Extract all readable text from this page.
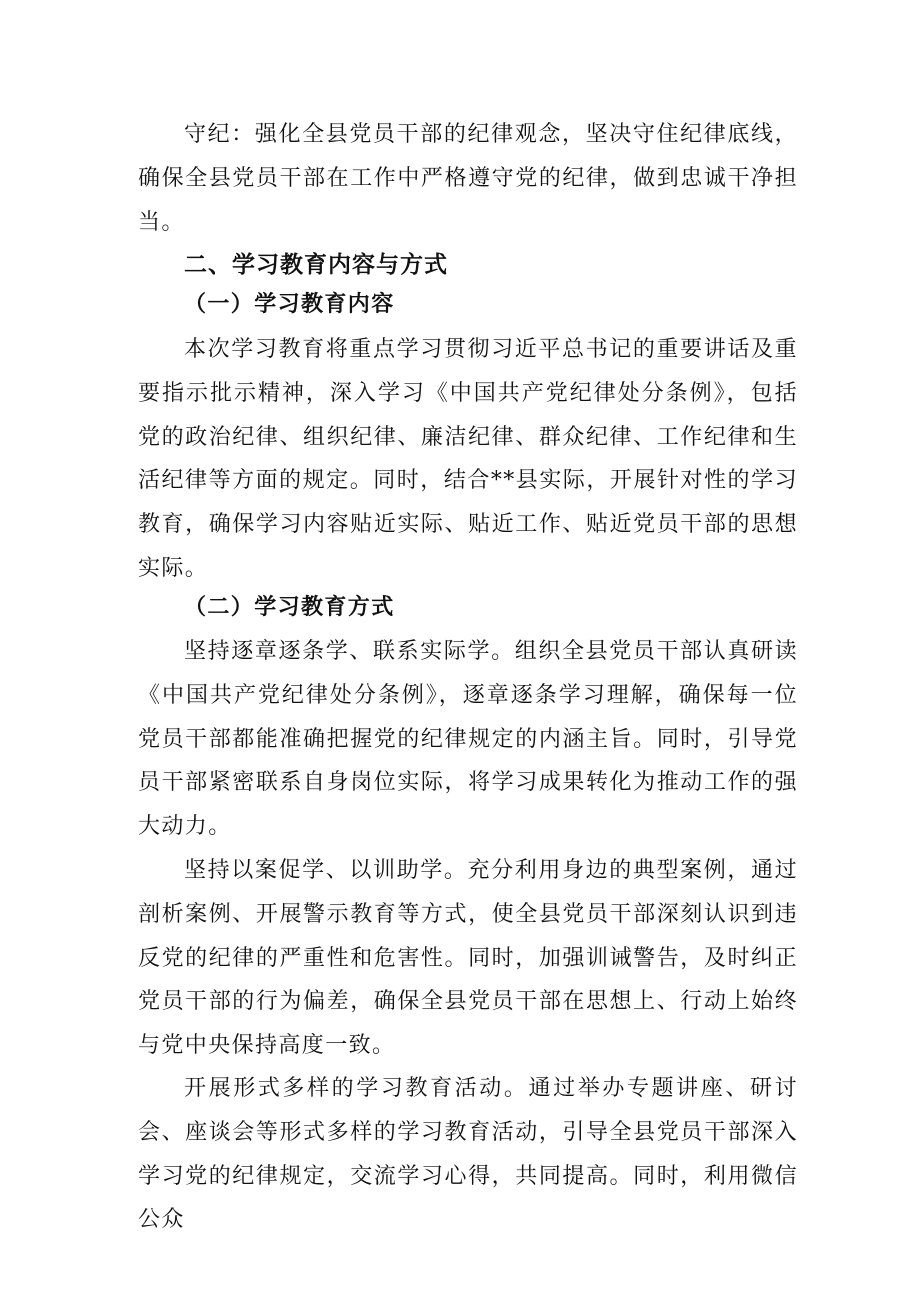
守纪：强化全县党员干部的纪律观念，坚决守住纪律底线，确保全县党员干部在工作中严格遵守党的纪律，做到忠诚干净担当。

二、学习教育内容与方式
（一）学习教育内容

本次学习教育将重点学习贯彻习近平总书记的重要讲话及重要指示批示精神，深入学习《中国共产党纪律处分条例》，包括党的政治纪律、组织纪律、廉洁纪律、群众纪律、工作纪律和生活纪律等方面的规定。同时，结合**县实际，开展针对性的学习教育，确保学习内容贴近实际、贴近工作、贴近党员干部的思想实际。

（二）学习教育方式

坚持逐章逐条学、联系实际学。组织全县党员干部认真研读《中国共产党纪律处分条例》，逐章逐条学习理解，确保每一位党员干部都能准确把握党的纪律规定的内涵主旨。同时，引导党员干部紧密联系自身岗位实际，将学习成果转化为推动工作的强大动力。

坚持以案促学、以训助学。充分利用身边的典型案例，通过剖析案例、开展警示教育等方式，使全县党员干部深刻认识到违反党的纪律的严重性和危害性。同时，加强训诫警告，及时纠正党员干部的行为偏差，确保全县党员干部在思想上、行动上始终与党中央保持高度一致。

开展形式多样的学习教育活动。通过举办专题讲座、研讨会、座谈会等形式多样的学习教育活动，引导全县党员干部深入学习党的纪律规定，交流学习心得，共同提高。同时，利用微信公众
